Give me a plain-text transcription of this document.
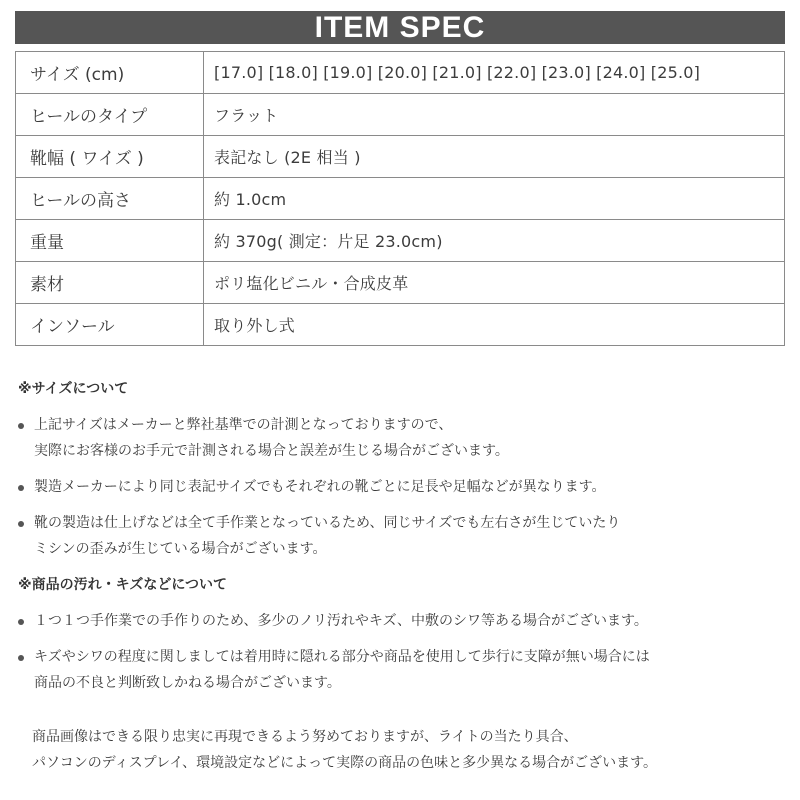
ITEM SPEC
サイズ (cm)	[17.0] [18.0] [19.0] [20.0] [21.0] [22.0] [23.0] [24.0] [25.0]
ヒールのタイプ	フラット
靴幅 ( ワイズ )	表記なし (2E 相当 )
ヒールの高さ	約 1.0cm
重量	約 370g( 測定：片足 23.0cm)
素材	ポリ塩化ビニル・合成皮革
インソール	取り外し式
※サイズについて
上記サイズはメーカーと弊社基準での計測となっておりますので、
実際にお客様のお手元で計測される場合と誤差が生じる場合がございます。
製造メーカーにより同じ表記サイズでもそれぞれの靴ごとに足長や足幅などが異なります。
靴の製造は仕上げなどは全て手作業となっているため、同じサイズでも左右さが生じていたり
ミシンの歪みが生じている場合がございます。
※商品の汚れ・キズなどについて
１つ１つ手作業での手作りのため、多少のノリ汚れやキズ、中敷のシワ等ある場合がございます。
キズやシワの程度に関しましては着用時に隠れる部分や商品を使用して歩行に支障が無い場合には
商品の不良と判断致しかねる場合がございます。
商品画像はできる限り忠実に再現できるよう努めておりますが、ライトの当たり具合、
パソコンのディスプレイ、環境設定などによって実際の商品の色味と多少異なる場合がございます。
